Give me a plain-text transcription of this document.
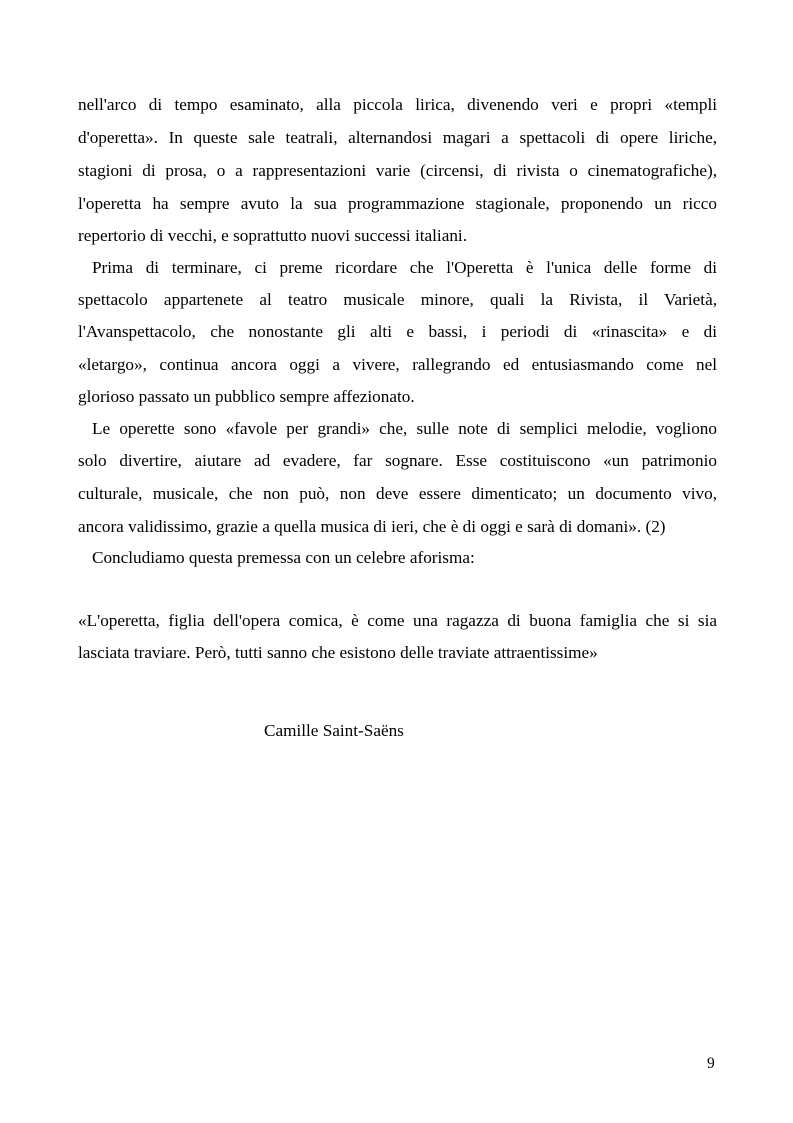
nell'arco di tempo esaminato, alla piccola lirica, divenendo veri e propri «templi
d'operetta». In queste sale teatrali, alternandosi magari a spettacoli di opere liriche,
stagioni di prosa, o a rappresentazioni varie (circensi, di rivista o cinematografiche),
l'operetta ha sempre avuto la sua programmazione stagionale, proponendo un ricco
repertorio di vecchi, e soprattutto nuovi successi italiani.
Prima di terminare, ci preme ricordare che l'Operetta è l'unica delle forme di
spettacolo appartenete al teatro musicale minore, quali la Rivista, il Varietà,
l'Avanspettacolo, che nonostante gli alti e bassi, i periodi di «rinascita» e di
«letargo», continua ancora oggi a vivere, rallegrando ed entusiasmando come nel
glorioso passato un pubblico sempre affezionato.
Le operette sono «favole per grandi» che, sulle note di semplici melodie, vogliono
solo divertire, aiutare ad evadere, far sognare. Esse costituiscono «un patrimonio
culturale, musicale, che non può, non deve essere dimenticato; un documento vivo,
ancora validissimo, grazie a quella musica di ieri, che è di oggi e sarà di domani». (2)
Concludiamo questa premessa con un celebre aforisma:
«L'operetta, figlia dell'opera comica, è come una ragazza di buona famiglia che si sia
lasciata traviare. Però, tutti sanno che esistono delle traviate attraentissime»
Camille Saint-Saëns
9
